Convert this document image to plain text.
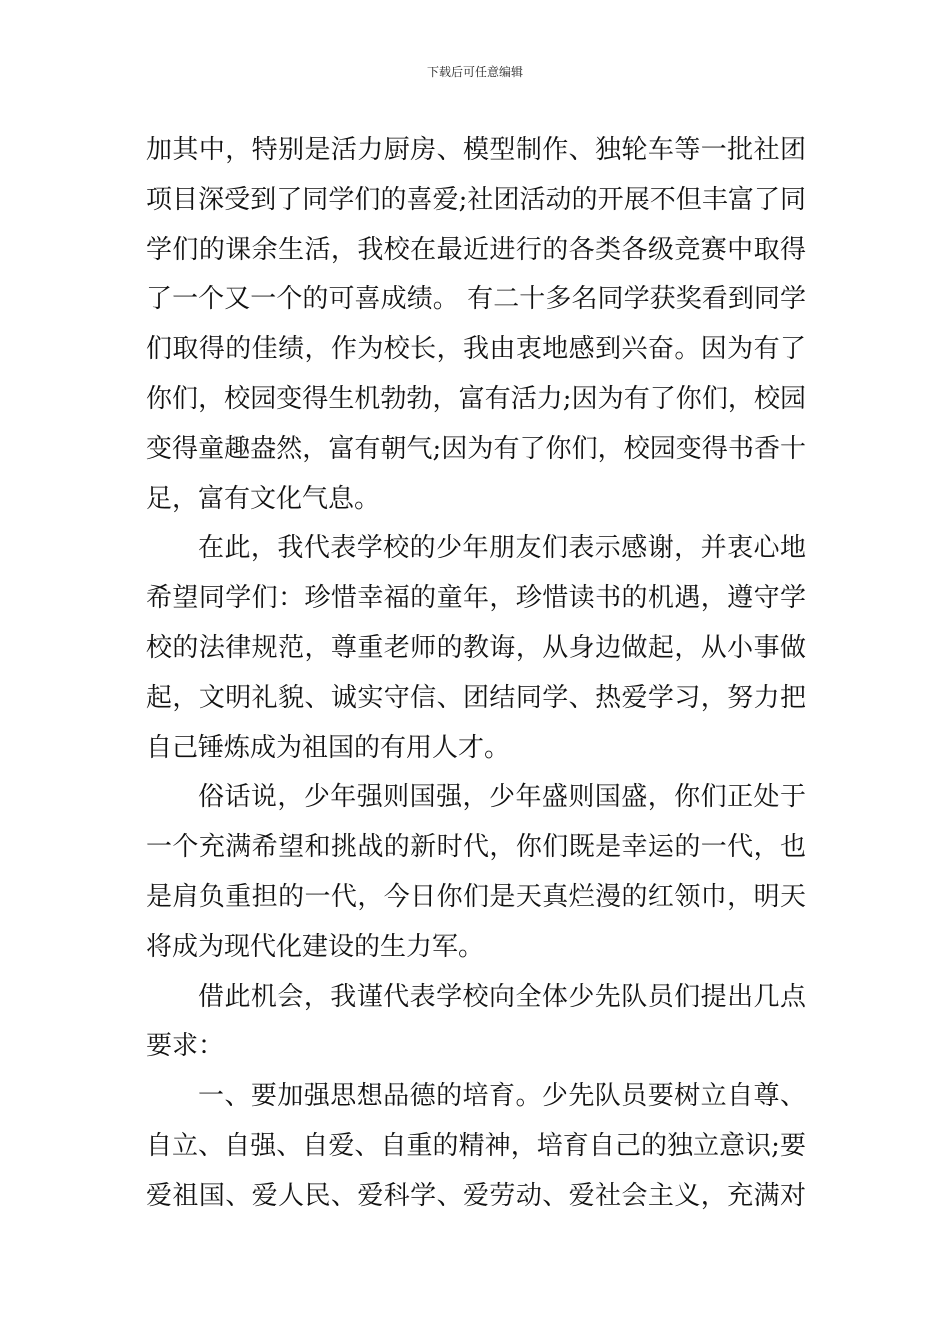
下载后可任意编辑
加其中，特别是活力厨房、模型制作、独轮车等一批社团
项目深受到了同学们的喜爱;社团活动的开展不但丰富了同
学们的课余生活，我校在最近进行的各类各级竞赛中取得
了一个又一个的可喜成绩。 有二十多名同学获奖看到同学
们取得的佳绩，作为校长，我由衷地感到兴奋。因为有了
你们，校园变得生机勃勃，富有活力;因为有了你们，校园
变得童趣盎然，富有朝气;因为有了你们，校园变得书香十
足，富有文化气息。
在此，我代表学校的少年朋友们表示感谢，并衷心地
希望同学们：珍惜幸福的童年，珍惜读书的机遇，遵守学
校的法律规范，尊重老师的教诲，从身边做起，从小事做
起，文明礼貌、诚实守信、团结同学、热爱学习，努力把
自己锤炼成为祖国的有用人才。
俗话说，少年强则国强，少年盛则国盛，你们正处于
一个充满希望和挑战的新时代，你们既是幸运的一代，也
是肩负重担的一代，今日你们是天真烂漫的红领巾，明天
将成为现代化建设的生力军。
借此机会，我谨代表学校向全体少先队员们提出几点
要求：
一、要加强思想品德的培育。少先队员要树立自尊、
自立、自强、自爱、自重的精神，培育自己的独立意识;要
爱祖国、爱人民、爱科学、爱劳动、爱社会主义，充满对
